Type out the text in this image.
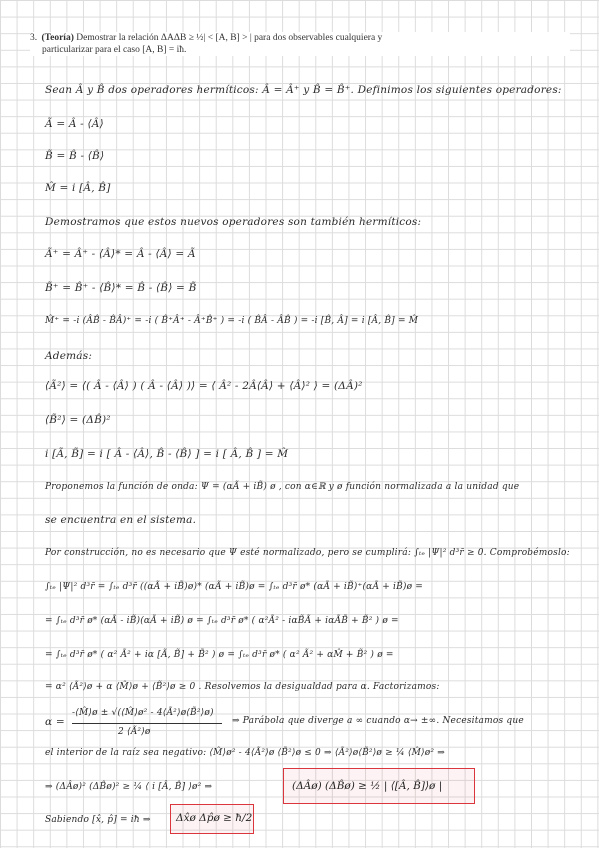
3. (Teoría) Demostrar la relación ΔAΔB ≥ ½| < [A, B] > | para dos observables cualquiera y
particularizar para el caso [A, B] = iħ.
Sean Â y B̂ dos operadores hermíticos: Â = Â⁺ y B̂ = B̂⁺. Definimos los siguientes operadores:
Ã = Â - ⟨Â⟩
B̃ = B̂ - ⟨B̂⟩
M̂ = i [Â, B̂]
Demostramos que estos nuevos operadores son también hermíticos:
Ã⁺ = Â⁺ - ⟨Â⟩* = Â - ⟨Â⟩ = Ã
B̃⁺ = B̂⁺ - ⟨B̂⟩* = B̂ - ⟨B̂⟩ = B̃
M̂⁺ = -i (ÂB̂ - B̂Â)⁺ = -i ( B̂⁺Â⁺ - Â⁺B̂⁺ ) = -i ( B̂Â - ÂB̂ ) = -i [B̂, Â] = i [Â, B̂] = M̂
Además:
⟨Ã²⟩ = ⟨( Â - ⟨Â⟩ ) ( Â - ⟨Â⟩ )⟩ = ⟨ Â² - 2Â⟨Â⟩ + ⟨Â⟩² ⟩ = (ΔÂ)²
⟨B̃²⟩ = (ΔB̂)²
i [Ã, B̃] = i [ Â - ⟨Â⟩, B̂ - ⟨B̂⟩ ] = i [ Â, B̂ ] = M̂
Proponemos la función de onda: Ψ = (αÃ + iB̃) ø , con α∈ℝ y ø función normalizada a la unidad que
se encuentra en el sistema.
Por construcción, no es necesario que Ψ esté normalizado, pero se cumplirá: ∫ₜₑ |Ψ|² d³r̄ ≥ 0. Comprobémoslo:
∫ₜₑ |Ψ|² d³r̄ = ∫ₜₑ d³r̄ ((αÃ + iB̃)ø)* (αÃ + iB̃)ø = ∫ₜₑ d³r̄ ø* (αÃ + iB̃)⁺(αÃ + iB̃)ø =
= ∫ₜₑ d³r̄ ø* (αÃ - iB̃)(αÃ + iB̃) ø = ∫ₜₑ d³r̄ ø* ( α²Ã² - iαB̃Ã + iαÃB̃ + B̃² ) ø =
= ∫ₜₑ d³r̄ ø* ( α² Ã² + iα [Ã, B̃] + B̃² ) ø = ∫ₜₑ d³r̄ ø* ( α² Ã² + αM̂ + B̃² ) ø =
= α² ⟨Ã²⟩ø + α ⟨M̂⟩ø + ⟨B̃²⟩ø ≥ 0 . Resolvemos la desigualdad para α. Factorizamos:
α =
-⟨M̂⟩ø ± √(⟨M̂⟩ø² - 4⟨Ã²⟩ø⟨B̃²⟩ø)
2 ⟨Ã²⟩ø
⇒ Parábola que diverge a ∞ cuando α→ ±∞. Necesitamos que
el interior de la raíz sea negativo: ⟨M̂⟩ø² - 4⟨Ã²⟩ø ⟨B̃²⟩ø ≤ 0 ⇒ ⟨Ã²⟩ø⟨B̃²⟩ø ≥ ¼ ⟨M̂⟩ø² ⇒
⇒ (ΔÂø)² (ΔB̂ø)² ≥ ¼ ⟨ i [Â, B̂] ⟩ø² ⇒	(ΔÂø) (ΔB̂ø) ≥ ½ | ⟨[Â, B̂]⟩ø |
Sabiendo [x̂, p̂] = iħ ⇒ Δx̂ø Δp̂ø ≥ ħ/2
